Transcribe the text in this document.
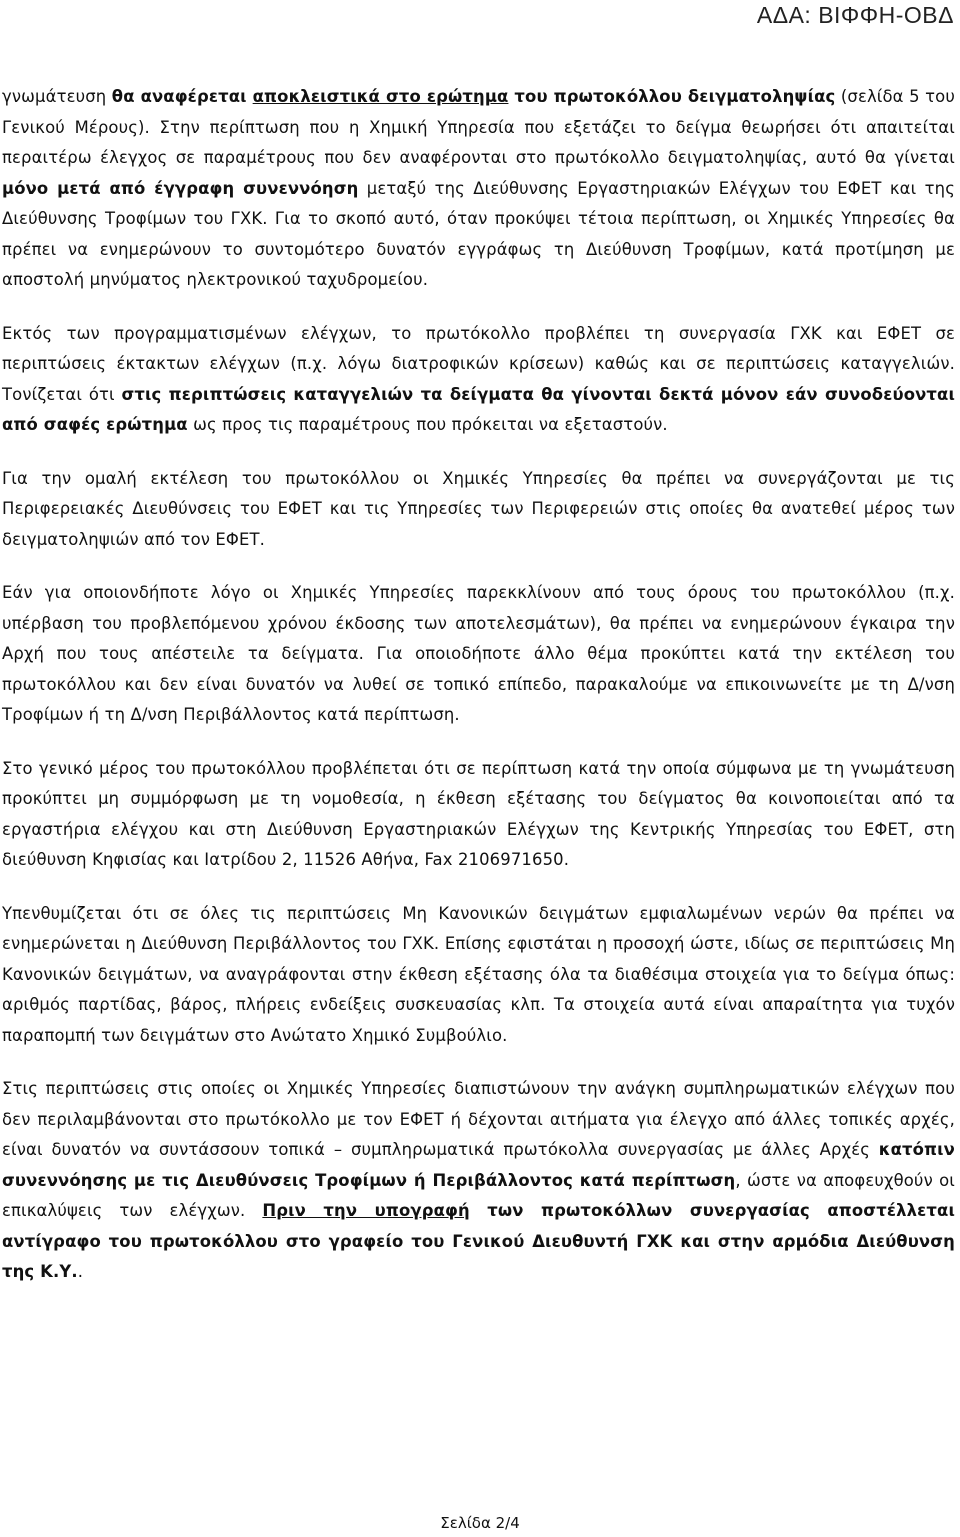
ΑΔΑ: ΒΙΦΦΗ-ΟΒΔ

γνωμάτευση θα αναφέρεται αποκλειστικά στο ερώτημα του πρωτοκόλλου δειγματοληψίας (σελίδα 5 του Γενικού Μέρους). Στην περίπτωση που η Χημική Υπηρεσία που εξετάζει το δείγμα θεωρήσει ότι απαιτείται περαιτέρω έλεγχος σε παραμέτρους που δεν αναφέρονται στο πρωτόκολλο δειγματοληψίας, αυτό θα γίνεται μόνο μετά από έγγραφη συνεννόηση μεταξύ της Διεύθυνσης Εργαστηριακών Ελέγχων του ΕΦΕΤ και της Διεύθυνσης Τροφίμων του ΓΧΚ. Για το σκοπό αυτό, όταν προκύψει τέτοια περίπτωση, οι Χημικές Υπηρεσίες θα πρέπει να ενημερώνουν το συντομότερο δυνατόν εγγράφως τη Διεύθυνση Τροφίμων, κατά προτίμηση με αποστολή μηνύματος ηλεκτρονικού ταχυδρομείου.

Εκτός των προγραμματισμένων ελέγχων, το πρωτόκολλο προβλέπει τη συνεργασία ΓΧΚ και ΕΦΕΤ σε περιπτώσεις έκτακτων ελέγχων (π.χ. λόγω διατροφικών κρίσεων) καθώς και σε περιπτώσεις καταγγελιών. Τονίζεται ότι στις περιπτώσεις καταγγελιών τα δείγματα θα γίνονται δεκτά μόνον εάν συνοδεύονται από σαφές ερώτημα ως προς τις παραμέτρους που πρόκειται να εξεταστούν.

Για την ομαλή εκτέλεση του πρωτοκόλλου οι Χημικές Υπηρεσίες θα πρέπει να συνεργάζονται με τις Περιφερειακές Διευθύνσεις του ΕΦΕΤ και τις Υπηρεσίες των Περιφερειών στις οποίες θα ανατεθεί μέρος των δειγματοληψιών από τον ΕΦΕΤ.

Εάν για οποιονδήποτε λόγο οι Χημικές Υπηρεσίες παρεκκλίνουν από τους όρους του πρωτοκόλλου (π.χ. υπέρβαση του προβλεπόμενου χρόνου έκδοσης των αποτελεσμάτων), θα πρέπει να ενημερώνουν έγκαιρα την Αρχή που τους απέστειλε τα δείγματα. Για οποιοδήποτε άλλο θέμα προκύπτει κατά την εκτέλεση του πρωτοκόλλου και δεν είναι δυνατόν να λυθεί σε τοπικό επίπεδο, παρακαλούμε να επικοινωνείτε με τη Δ/νση Τροφίμων ή τη Δ/νση Περιβάλλοντος κατά περίπτωση.

Στο γενικό μέρος του πρωτοκόλλου προβλέπεται ότι σε περίπτωση κατά την οποία σύμφωνα με τη γνωμάτευση προκύπτει μη συμμόρφωση με τη νομοθεσία, η έκθεση εξέτασης του δείγματος θα κοινοποιείται από τα εργαστήρια ελέγχου και στη Διεύθυνση Εργαστηριακών Ελέγχων της Κεντρικής Υπηρεσίας του ΕΦΕΤ, στη διεύθυνση Κηφισίας και Ιατρίδου 2, 11526 Αθήνα, Fax 2106971650.

Υπενθυμίζεται ότι σε όλες τις περιπτώσεις Μη Κανονικών δειγμάτων εμφιαλωμένων νερών θα πρέπει να ενημερώνεται η Διεύθυνση Περιβάλλοντος του ΓΧΚ. Επίσης εφιστάται η προσοχή ώστε, ιδίως σε περιπτώσεις Μη Κανονικών δειγμάτων, να αναγράφονται στην έκθεση εξέτασης όλα τα διαθέσιμα στοιχεία για το δείγμα όπως: αριθμός παρτίδας, βάρος, πλήρεις ενδείξεις συσκευασίας κλπ. Τα στοιχεία αυτά είναι απαραίτητα για τυχόν παραπομπή των δειγμάτων στο Ανώτατο Χημικό Συμβούλιο.

Στις περιπτώσεις στις οποίες οι Χημικές Υπηρεσίες διαπιστώνουν την ανάγκη συμπληρωματικών ελέγχων που δεν περιλαμβάνονται στο πρωτόκολλο με τον ΕΦΕΤ ή δέχονται αιτήματα για έλεγχο από άλλες τοπικές αρχές, είναι δυνατόν να συντάσσουν τοπικά – συμπληρωματικά πρωτόκολλα συνεργασίας με άλλες Αρχές κατόπιν συνεννόησης με τις Διευθύνσεις Τροφίμων ή Περιβάλλοντος κατά περίπτωση, ώστε να αποφευχθούν οι επικαλύψεις των ελέγχων. Πριν την υπογραφή των πρωτοκόλλων συνεργασίας αποστέλλεται αντίγραφο του πρωτοκόλλου στο γραφείο του Γενικού Διευθυντή ΓΧΚ και στην αρμόδια Διεύθυνση της Κ.Υ..

Σελίδα 2/4
